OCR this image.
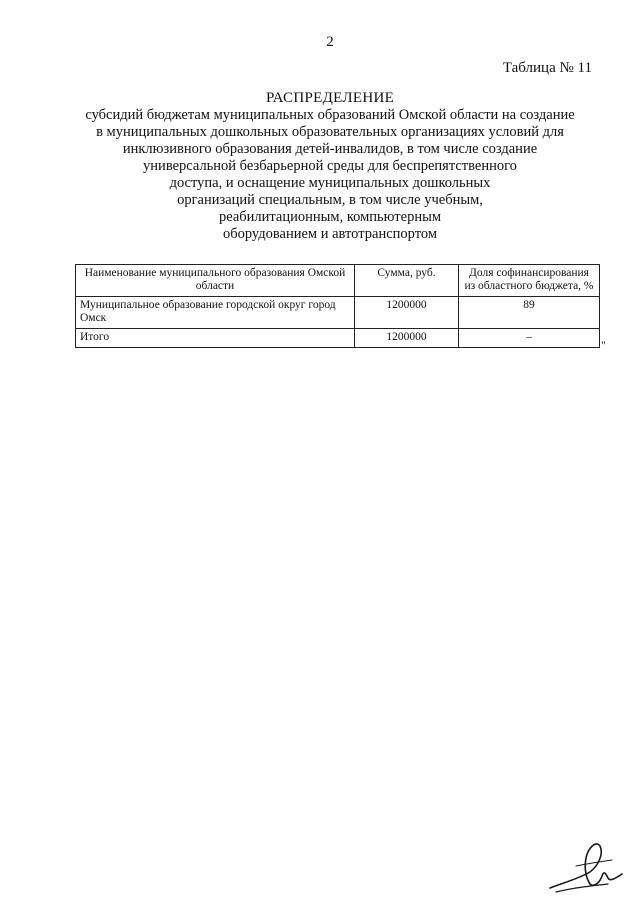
2
Таблица № 11
РАСПРЕДЕЛЕНИЕ
субсидий бюджетам муниципальных образований Омской области на создание
в муниципальных дошкольных образовательных организациях условий для
инклюзивного образования детей-инвалидов, в том числе создание
универсальной безбарьерной среды для беспрепятственного
доступа, и оснащение муниципальных дошкольных
организаций специальным, в том числе учебным,
реабилитационным, компьютерным
оборудованием и автотранспортом
Наименование муниципального образования Омской области	Сумма, руб.	Доля софинансирования из областного бюджета, %
Муниципальное образование городской округ город Омск	1200000	89
Итого	1200000	–
"
